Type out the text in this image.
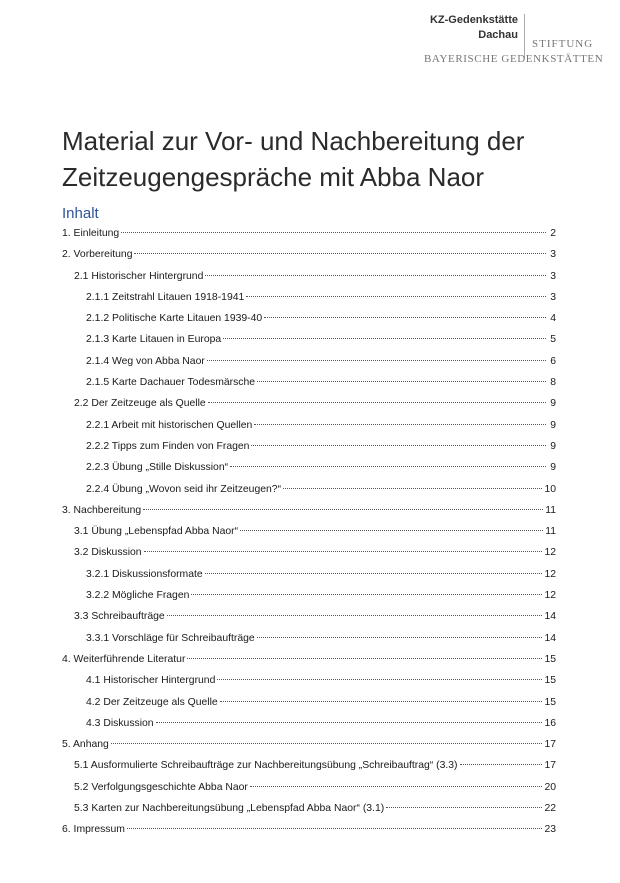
KZ-Gedenkstätte
Dachau
STIFTUNG
BAYERISCHE GEDENKSTÄTTEN
Material zur Vor- und Nachbereitung der Zeitzeugengespräche mit Abba Naor
Inhalt
1. Einleitung	2
2. Vorbereitung	3
2.1 Historischer Hintergrund	3
2.1.1 Zeitstrahl Litauen 1918-1941	3
2.1.2 Politische Karte Litauen 1939-40	4
2.1.3 Karte Litauen in Europa	5
2.1.4 Weg von Abba Naor	6
2.1.5 Karte Dachauer Todesmärsche	8
2.2 Der Zeitzeuge als Quelle	9
2.2.1 Arbeit mit historischen Quellen	9
2.2.2 Tipps zum Finden von Fragen	9
2.2.3 Übung „Stille Diskussion“	9
2.2.4 Übung „Wovon seid ihr Zeitzeugen?“	10
3. Nachbereitung	11
3.1 Übung „Lebenspfad Abba Naor“	11
3.2 Diskussion	12
3.2.1 Diskussionsformate	12
3.2.2 Mögliche Fragen	12
3.3 Schreibaufträge	14
3.3.1 Vorschläge für Schreibaufträge	14
4. Weiterführende Literatur	15
4.1 Historischer Hintergrund	15
4.2 Der Zeitzeuge als Quelle	15
4.3 Diskussion	16
5. Anhang	17
5.1 Ausformulierte Schreibaufträge zur Nachbereitungsübung „Schreibauftrag“ (3.3)	17
5.2 Verfolgungsgeschichte Abba Naor	20
5.3 Karten zur Nachbereitungsübung „Lebenspfad Abba Naor“ (3.1)	22
6. Impressum	23
